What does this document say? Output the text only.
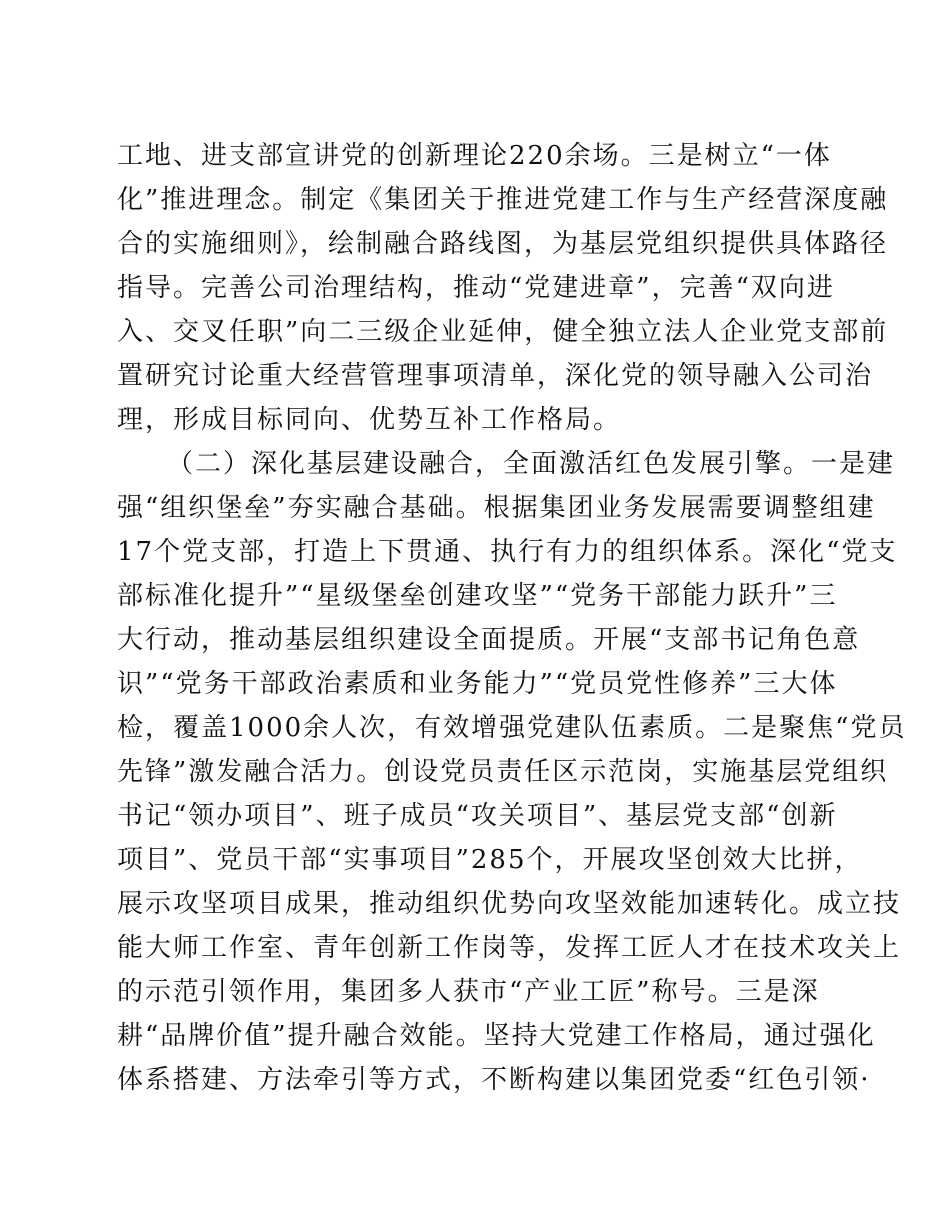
工地、进支部宣讲党的创新理论220余场。三是树立“一体
化”推进理念。制定《集团关于推进党建工作与生产经营深度融
合的实施细则》，绘制融合路线图，为基层党组织提供具体路径
指导。完善公司治理结构，推动“党建进章”，完善“双向进
入、交叉任职”向二三级企业延伸，健全独立法人企业党支部前
置研究讨论重大经营管理事项清单，深化党的领导融入公司治
理，形成目标同向、优势互补工作格局。
（二）深化基层建设融合，全面激活红色发展引擎。一是建
强“组织堡垒”夯实融合基础。根据集团业务发展需要调整组建
17个党支部，打造上下贯通、执行有力的组织体系。深化“党支
部标准化提升”“星级堡垒创建攻坚”“党务干部能力跃升”三
大行动，推动基层组织建设全面提质。开展“支部书记角色意
识”“党务干部政治素质和业务能力”“党员党性修养”三大体
检，覆盖1000余人次，有效增强党建队伍素质。二是聚焦“党员
先锋”激发融合活力。创设党员责任区示范岗，实施基层党组织
书记“领办项目”、班子成员“攻关项目”、基层党支部“创新
项目”、党员干部“实事项目”285个，开展攻坚创效大比拼，
展示攻坚项目成果，推动组织优势向攻坚效能加速转化。成立技
能大师工作室、青年创新工作岗等，发挥工匠人才在技术攻关上
的示范引领作用，集团多人获市“产业工匠”称号。三是深
耕“品牌价值”提升融合效能。坚持大党建工作格局，通过强化
体系搭建、方法牵引等方式，不断构建以集团党委“红色引领·
